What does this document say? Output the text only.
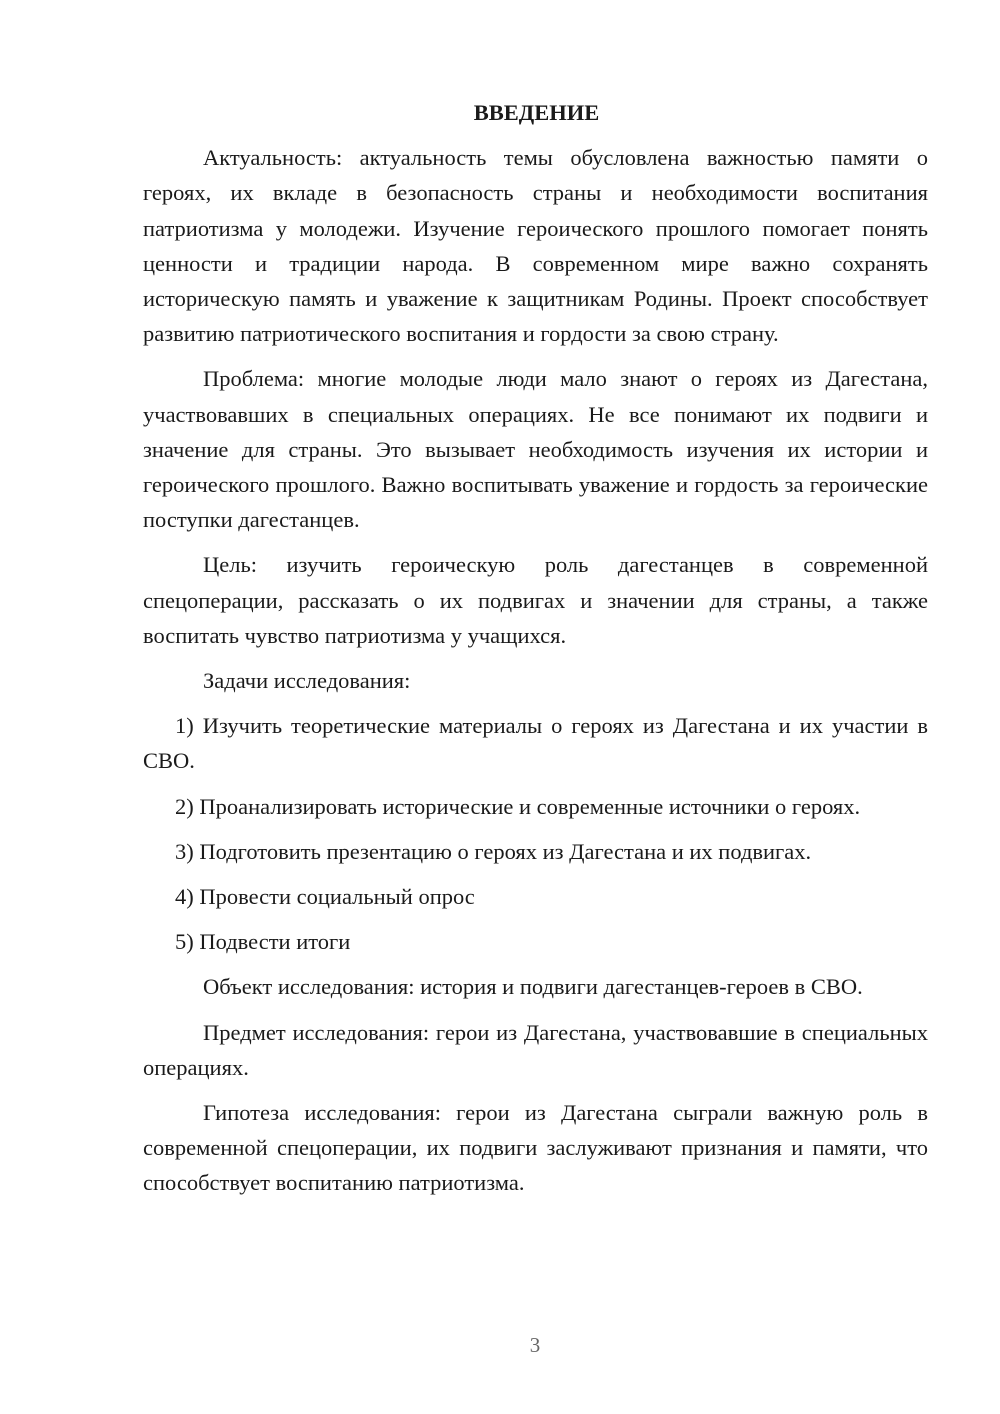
ВВЕДЕНИЕ

Актуальность: актуальность темы обусловлена важностью памяти о героях, их вкладе в безопасность страны и необходимости воспитания патриотизма у молодежи. Изучение героического прошлого помогает понять ценности и традиции народа. В современном мире важно сохранять историческую память и уважение к защитникам Родины. Проект способствует развитию патриотического воспитания и гордости за свою страну.

Проблема: многие молодые люди мало знают о героях из Дагестана, участвовавших в специальных операциях. Не все понимают их подвиги и значение для страны. Это вызывает необходимость изучения их истории и героического прошлого. Важно воспитывать уважение и гордость за героические поступки дагестанцев.

Цель: изучить героическую роль дагестанцев в современной спецоперации, рассказать о их подвигах и значении для страны, а также воспитать чувство патриотизма у учащихся.

Задачи исследования:

1) Изучить теоретические материалы о героях из Дагестана и их участии в СВО.

2) Проанализировать исторические и современные источники о героях.

3) Подготовить презентацию о героях из Дагестана и их подвигах.

4) Провести социальный опрос

5) Подвести итоги

Объект исследования: история и подвиги дагестанцев-героев в СВО.

Предмет исследования: герои из Дагестана, участвовавшие в специальных операциях.

Гипотеза исследования: герои из Дагестана сыграли важную роль в современной спецоперации, их подвиги заслуживают признания и памяти, что способствует воспитанию патриотизма.

3
